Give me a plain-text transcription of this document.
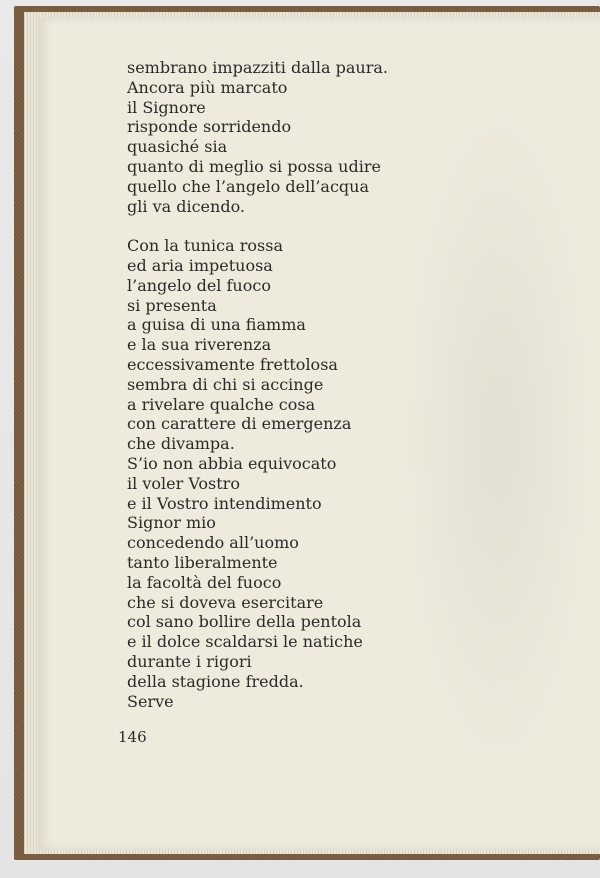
sembrano impazziti dalla paura.
Ancora più marcato
il Signore
risponde sorridendo
quasiché sia
quanto di meglio si possa udire
quello che l’angelo dell’acqua
gli va dicendo.
Con la tunica rossa
ed aria impetuosa
l’angelo del fuoco
si presenta
a guisa di una fiamma
e la sua riverenza
eccessivamente frettolosa
sembra di chi si accinge
a rivelare qualche cosa
con carattere di emergenza
che divampa.
S’io non abbia equivocato
il voler Vostro
e il Vostro intendimento
Signor mio
concedendo all’uomo
tanto liberalmente
la facoltà del fuoco
che si doveva esercitare
col sano bollire della pentola
e il dolce scaldarsi le natiche
durante i rigori
della stagione fredda.
Serve
146
